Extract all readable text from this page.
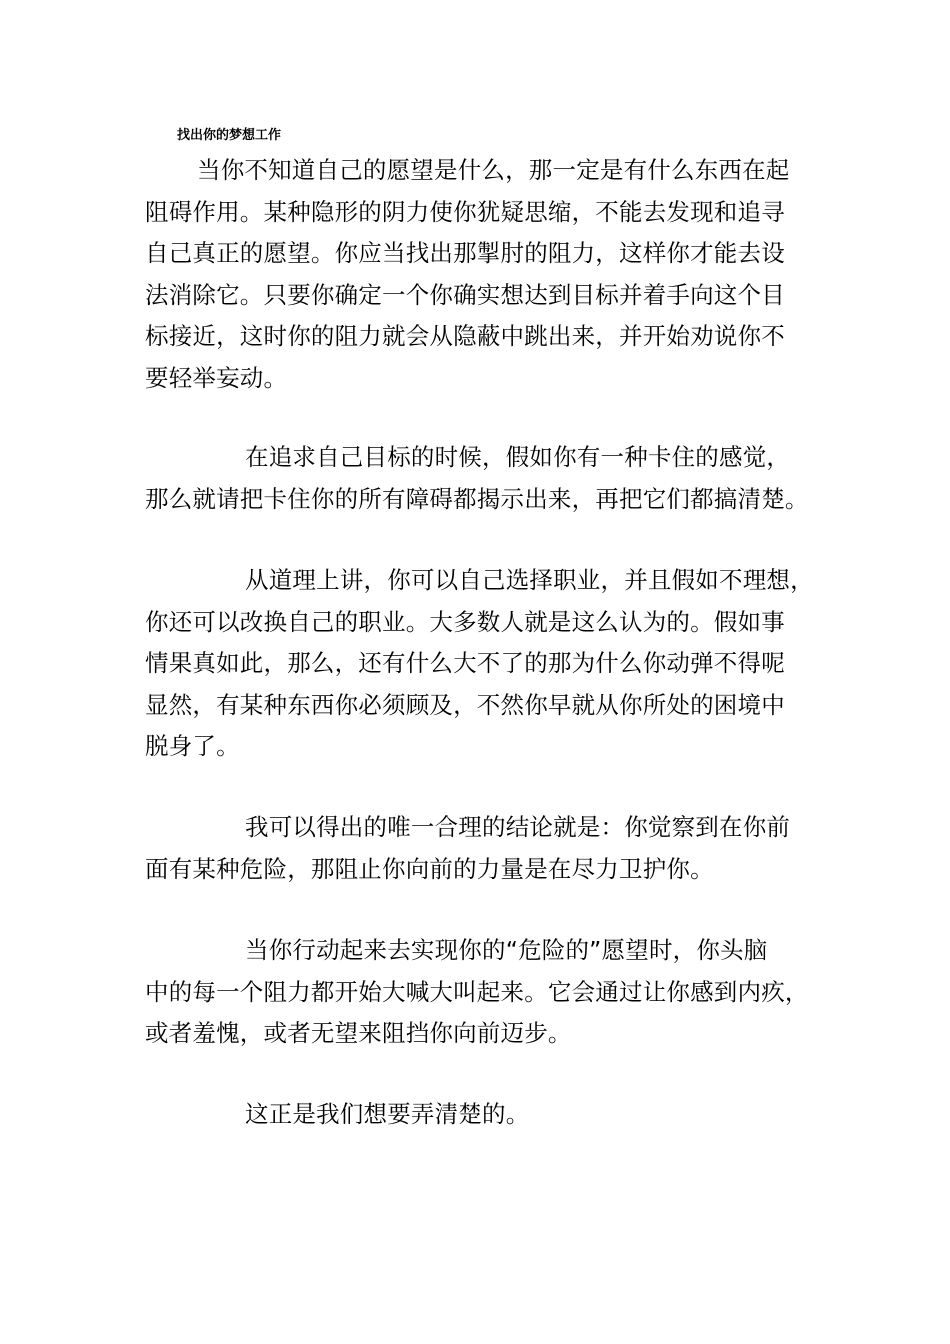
找出你的梦想工作
当你不知道自己的愿望是什么，那一定是有什么东西在起
阻碍作用。某种隐形的阴力使你犹疑思缩，不能去发现和追寻
自己真正的愿望。你应当找出那掣肘的阻力，这样你才能去设
法消除它。只要你确定一个你确实想达到目标并着手向这个目
标接近，这时你的阻力就会从隐蔽中跳出来，并开始劝说你不
要轻举妄动。
在追求自己目标的时候，假如你有一种卡住的感觉，
那么就请把卡住你的所有障碍都揭示出来，再把它们都搞清楚。
从道理上讲，你可以自己选择职业，并且假如不理想，
你还可以改换自己的职业。大多数人就是这么认为的。假如事
情果真如此，那么，还有什么大不了的那为什么你动弹不得呢
显然，有某种东西你必须顾及，不然你早就从你所处的困境中
脱身了。
我可以得出的唯一合理的结论就是：你觉察到在你前
面有某种危险，那阻止你向前的力量是在尽力卫护你。
当你行动起来去实现你的“危险的”愿望时，你头脑
中的每一个阻力都开始大喊大叫起来。它会通过让你感到内疚，
或者羞愧，或者无望来阻挡你向前迈步。
这正是我们想要弄清楚的。
